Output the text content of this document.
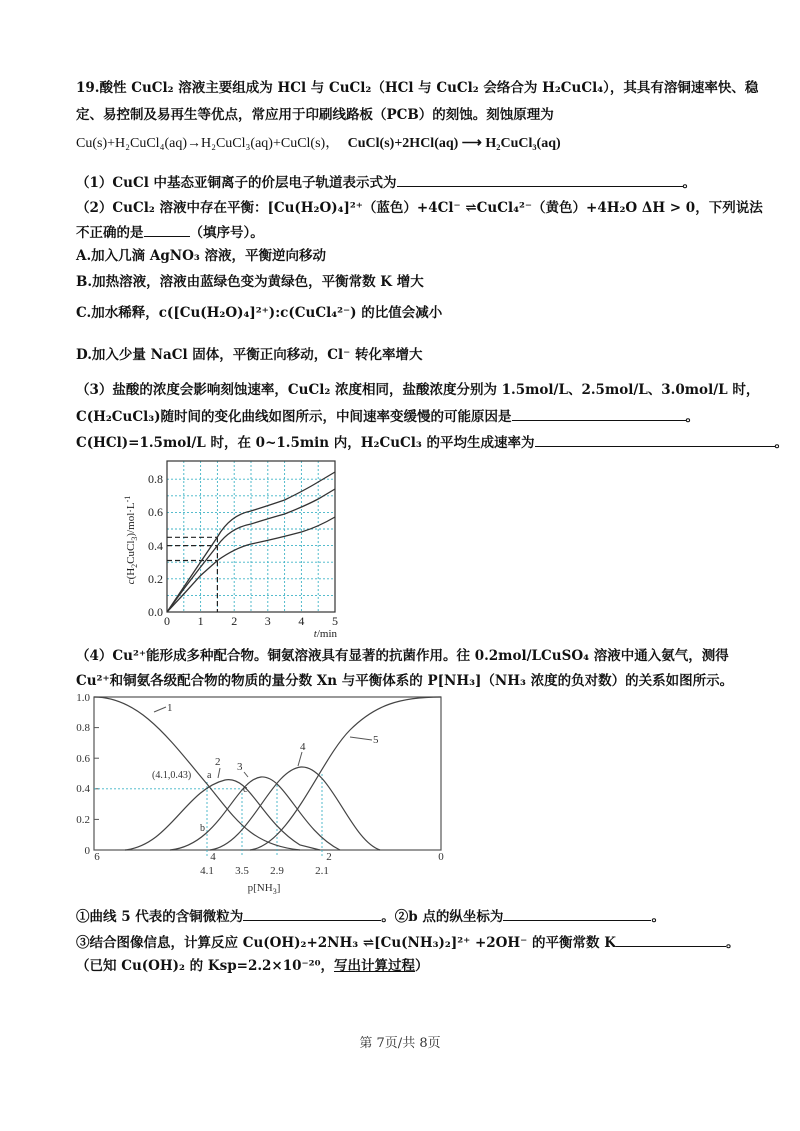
19.酸性 CuCl₂ 溶液主要组成为 HCl 与 CuCl₂（HCl 与 CuCl₂ 会络合为 H₂CuCl₄），其具有溶铜速率快、稳
定、易控制及易再生等优点，常应用于印刷线路板（PCB）的刻蚀。刻蚀原理为
Cu(s)+H₂CuCl₄(aq)→H₂CuCl₃(aq)+CuCl(s)， CuCl(s)+2HCl(aq) ⟶ H₂CuCl₃(aq)
（1）CuCl 中基态亚铜离子的价层电子轨道表示式为	。
（2）CuCl₂ 溶液中存在平衡：[Cu(H₂O)₄]²⁺（蓝色）+4Cl⁻ ⇌CuCl₄²⁻（黄色）+4H₂O ΔH > 0，下列说法
不正确的是	（填序号）。
A.加入几滴 AgNO₃ 溶液，平衡逆向移动
B.加热溶液，溶液由蓝绿色变为黄绿色，平衡常数 K 增大
C.加水稀释，c([Cu(H₂O)₄]²⁺):c(CuCl₄²⁻) 的比值会减小
D.加入少量 NaCl 固体，平衡正向移动，Cl⁻ 转化率增大
（3）盐酸的浓度会影响刻蚀速率，CuCl₂ 浓度相同，盐酸浓度分别为 1.5mol/L、2.5mol/L、3.0mol/L 时，
C(H₂CuCl₃)随时间的变化曲线如图所示，中间速率变缓慢的可能原因是	。
C(HCl)=1.5mol/L 时，在 0~1.5min 内，H₂CuCl₃ 的平均生成速率为	。
0.0
0.2
0.4
0.6
0.8
0 1 2 3 4 5
t/min
$c(H_2CuCl_3)/mol\cdot L^{-1}$
（4）Cu²⁺能形成多种配合物。铜氨溶液具有显著的抗菌作用。往 0.2mol/LCuSO₄ 溶液中通入氨气，测得
Cu²⁺和铜氨各级配合物的物质的量分数 Xn 与平衡体系的 P[NH₃]（NH₃ 浓度的负对数）的关系如图所示。
1.0
0.8
0.6
0.4
0.2
0
1
2 3
4
5
(4.1,0.43) a
c
b
6	4	2	0
4.1 3.5 2.9	2.1
$p[NH_3]$
①曲线 5 代表的含铜微粒为	。②b 点的纵坐标为	。
③结合图像信息，计算反应 Cu(OH)₂+2NH₃ ⇌[Cu(NH₃)₂]²⁺ +2OH⁻ 的平衡常数 K	。
（已知 Cu(OH)₂ 的 Ksp=2.2×10⁻²⁰，写出计算过程）
第 7页/共 8页
